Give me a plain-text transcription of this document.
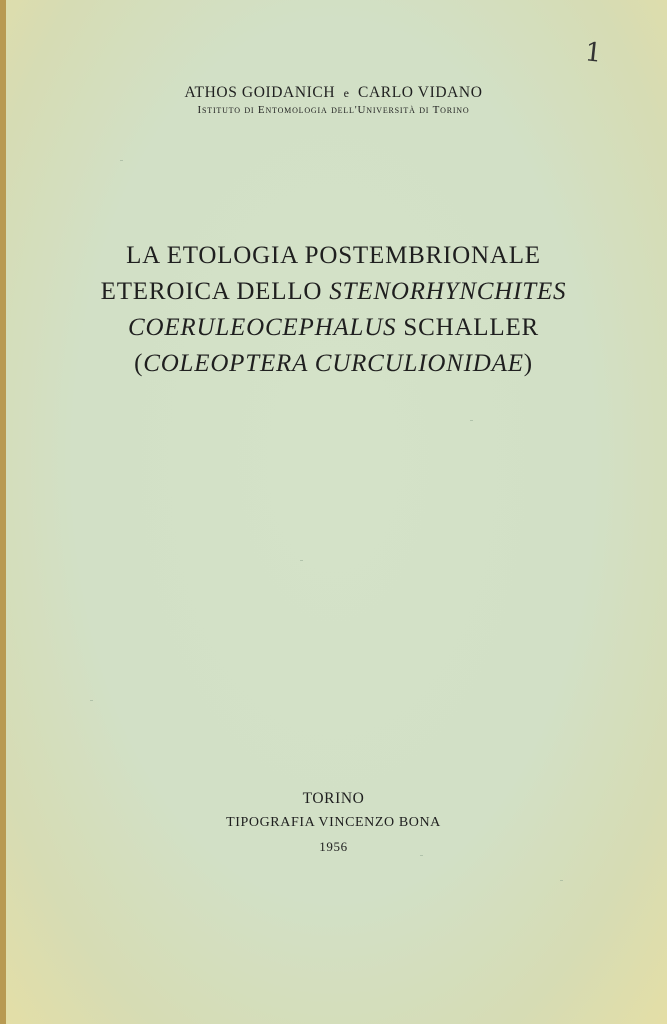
1
ATHOS GOIDANICH e CARLO VIDANO
Istituto di Entomologia dell'Università di Torino
LA ETOLOGIA POSTEMBRIONALE
ETEROICA DELLO STENORHYNCHITES
COERULEOCEPHALUS SCHALLER
(COLEOPTERA CURCULIONIDAE)
TORINO
TIPOGRAFIA VINCENZO BONA
1956
